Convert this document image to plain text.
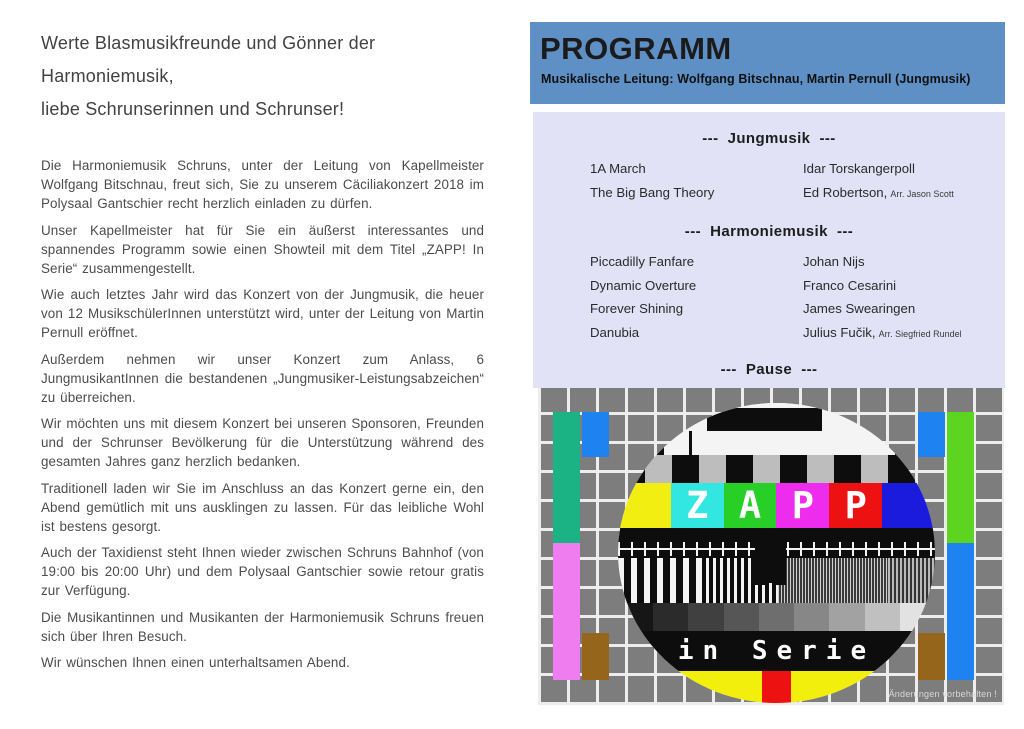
Werte Blasmusikfreunde und Gönner der Harmoniemusik,
liebe Schrunserinnen und Schrunser!

Die Harmoniemusik Schruns, unter der Leitung von Kapellmeister Wolfgang Bitschnau, freut sich, Sie zu unserem Cäciliakonzert 2018 im Polysaal Gantschier recht herzlich einladen zu dürfen.

Unser Kapellmeister hat für Sie ein äußerst interessantes und spannendes Programm sowie einen Showteil mit dem Titel „ZAPP! In Serie“ zusammengestellt.

Wie auch letztes Jahr wird das Konzert von der Jungmusik, die heuer von 12 MusikschülerInnen unterstützt wird, unter der Leitung von Martin Pernull eröffnet.

Außerdem nehmen wir unser Konzert zum Anlass, 6 JungmusikantInnen die bestandenen „Jungmusiker-Leistungsabzeichen“ zu überreichen.

Wir möchten uns mit diesem Konzert bei unseren Sponsoren, Freunden und der Schrunser Bevölkerung für die Unterstützung während des gesamten Jahres ganz herzlich bedanken.

Traditionell laden wir Sie im Anschluss an das Konzert gerne ein, den Abend gemütlich mit uns ausklingen zu lassen. Für das leibliche Wohl ist bestens gesorgt.

Auch der Taxidienst steht Ihnen wieder zwischen Schruns Bahnhof (von 19:00 bis 20:00 Uhr) und dem Polysaal Gantschier sowie retour gratis zur Verfügung.

Die Musikantinnen und Musikanten der Harmoniemusik Schruns freuen sich über Ihren Besuch.

Wir wünschen Ihnen einen unterhaltsamen Abend.

PROGRAMM
Musikalische Leitung: Wolfgang Bitschnau, Martin Pernull (Jungmusik)
---  Jungmusik  ---
1A March	Idar Torskangerpoll
The Big Bang Theory	Ed Robertson, Arr. Jason Scott
---  Harmoniemusik  ---
Piccadilly Fanfare	Johan Nijs
Dynamic Overture	Franco Cesarini
Forever Shining	James Swearingen
Danubia	Julius Fučik, Arr. Siegfried Rundel
---  Pause  ---
Z A P P
in Serie
Änderungen vorbehalten !
